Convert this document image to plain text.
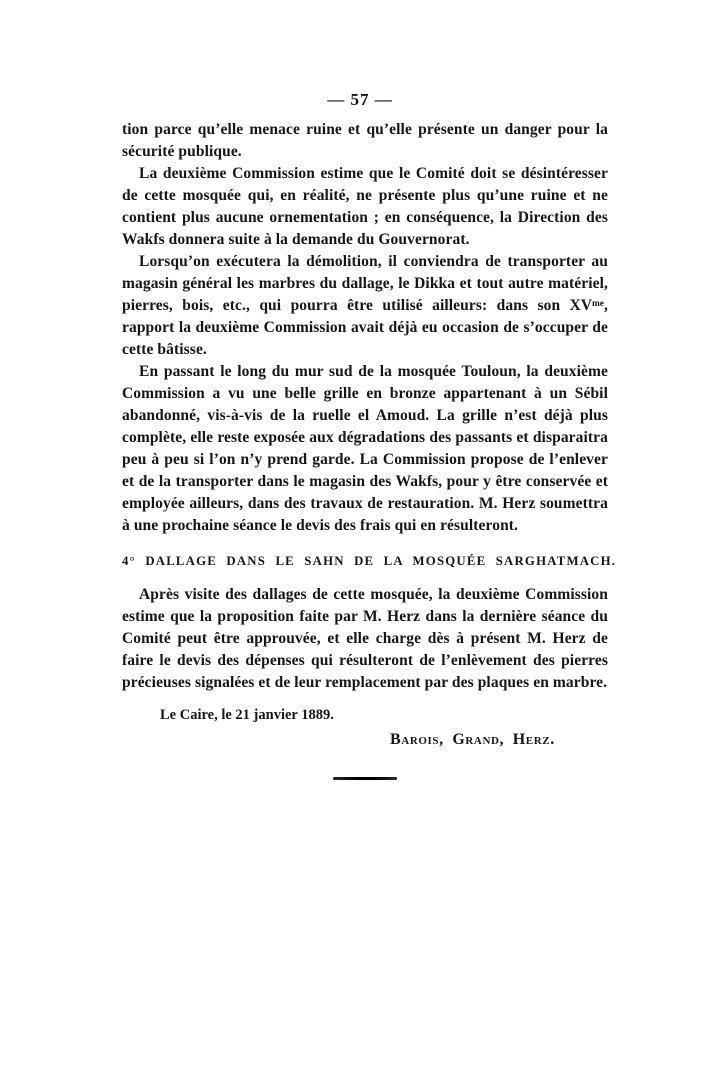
— 57 —

tion parce qu’elle menace ruine et qu’elle présente un danger pour la sécurité publique.

La deuxième Commission estime que le Comité doit se désintéresser de cette mosquée qui, en réalité, ne présente plus qu’une ruine et ne contient plus aucune ornementation ; en conséquence, la Direction des Wakfs donnera suite à la demande du Gouvernorat.

Lorsqu’on exécutera la démolition, il conviendra de transporter au magasin général les marbres du dallage, le Dikka et tout autre matériel, pierres, bois, etc., qui pourra être utilisé ailleurs: dans son XVᵐᵉ, rapport la deuxième Commission avait déjà eu occasion de s’occuper de cette bâtisse.

En passant le long du mur sud de la mosquée Touloun, la deuxième Commission a vu une belle grille en bronze appartenant à un Sébil abandonné, vis-à-vis de la ruelle el Amoud. La grille n’est déjà plus complète, elle reste exposée aux dégradations des passants et disparaitra peu à peu si l’on n’y prend garde. La Commission propose de l’enlever et de la transporter dans le magasin des Wakfs, pour y être conservée et employée ailleurs, dans des travaux de restauration. M. Herz soumettra à une prochaine séance le devis des frais qui en résulteront.

4° DALLAGE DANS LE SAHN DE LA MOSQUÉE SARGHATMACH.

Après visite des dallages de cette mosquée, la deuxième Commission estime que la proposition faite par M. Herz dans la dernière séance du Comité peut être approuvée, et elle charge dès à présent M. Herz de faire le devis des dépenses qui résulteront de l’enlèvement des pierres précieuses signalées et de leur remplacement par des plaques en marbre.

Le Caire, le 21 janvier 1889.
Barois, Grand, Herz.
